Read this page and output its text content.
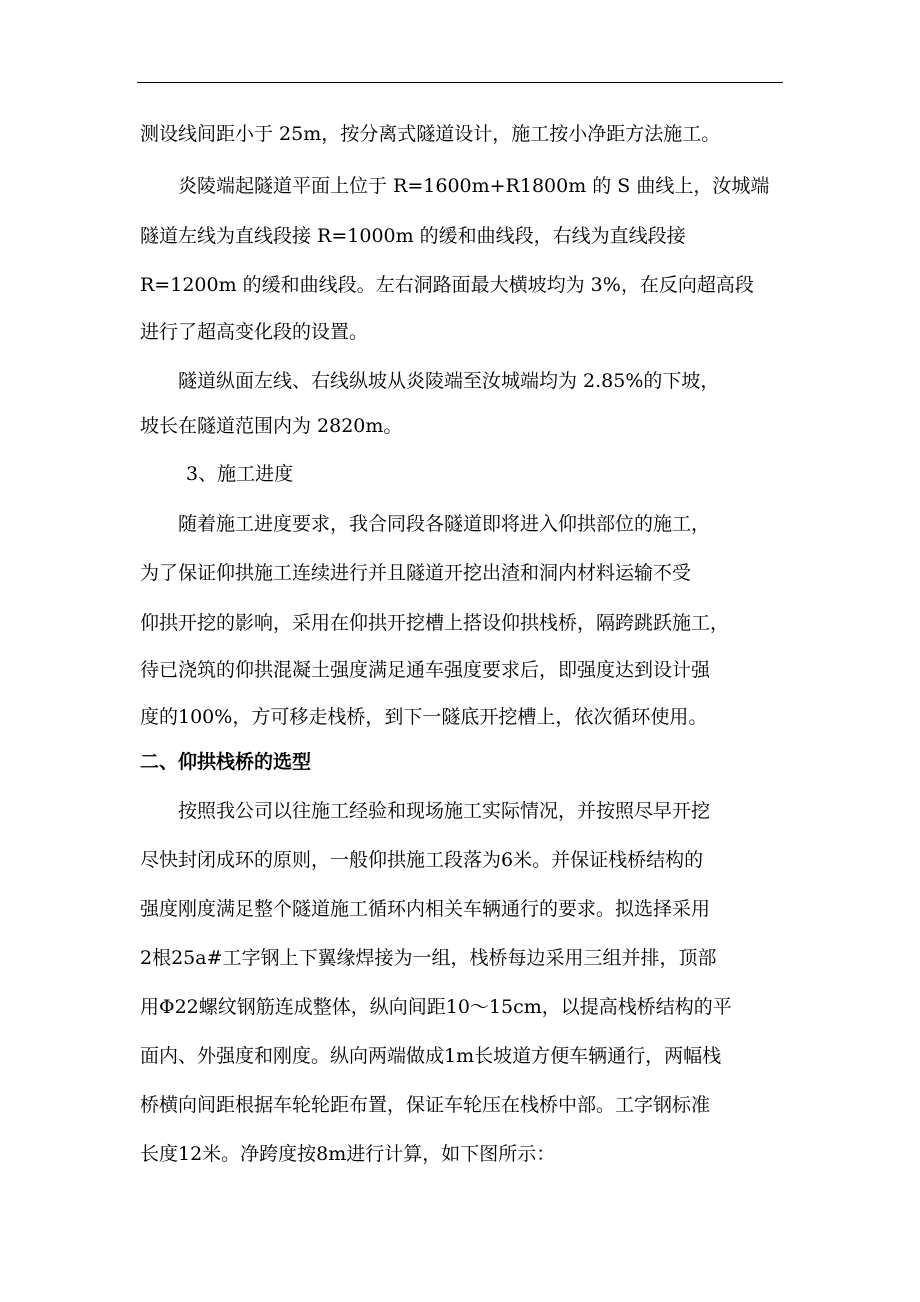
测设线间距小于 25m，按分离式隧道设计，施工按小净距方法施工。
炎陵端起隧道平面上位于 R=1600m+R1800m 的 S 曲线上，汝城端
隧道左线为直线段接 R=1000m 的缓和曲线段，右线为直线段接
R=1200m 的缓和曲线段。左右洞路面最大横坡均为 3%，在反向超高段
进行了超高变化段的设置。
隧道纵面左线、右线纵坡从炎陵端至汝城端均为 2.85%的下坡，
坡长在隧道范围内为 2820m。
3、施工进度
随着施工进度要求，我合同段各隧道即将进入仰拱部位的施工，
为了保证仰拱施工连续进行并且隧道开挖出渣和洞内材料运输不受
仰拱开挖的影响，采用在仰拱开挖槽上搭设仰拱栈桥，隔跨跳跃施工，
待已浇筑的仰拱混凝土强度满足通车强度要求后，即强度达到设计强
度的100%，方可移走栈桥，到下一隧底开挖槽上，依次循环使用。
二、仰拱栈桥的选型
按照我公司以往施工经验和现场施工实际情况，并按照尽早开挖
尽快封闭成环的原则，一般仰拱施工段落为6米。并保证栈桥结构的
强度刚度满足整个隧道施工循环内相关车辆通行的要求。拟选择采用
2根25a#工字钢上下翼缘焊接为一组，栈桥每边采用三组并排，顶部
用Φ22螺纹钢筋连成整体，纵向间距10～15cm，以提高栈桥结构的平
面内、外强度和刚度。纵向两端做成1m长坡道方便车辆通行，两幅栈
桥横向间距根据车轮轮距布置，保证车轮压在栈桥中部。工字钢标准
长度12米。净跨度按8m进行计算，如下图所示：
